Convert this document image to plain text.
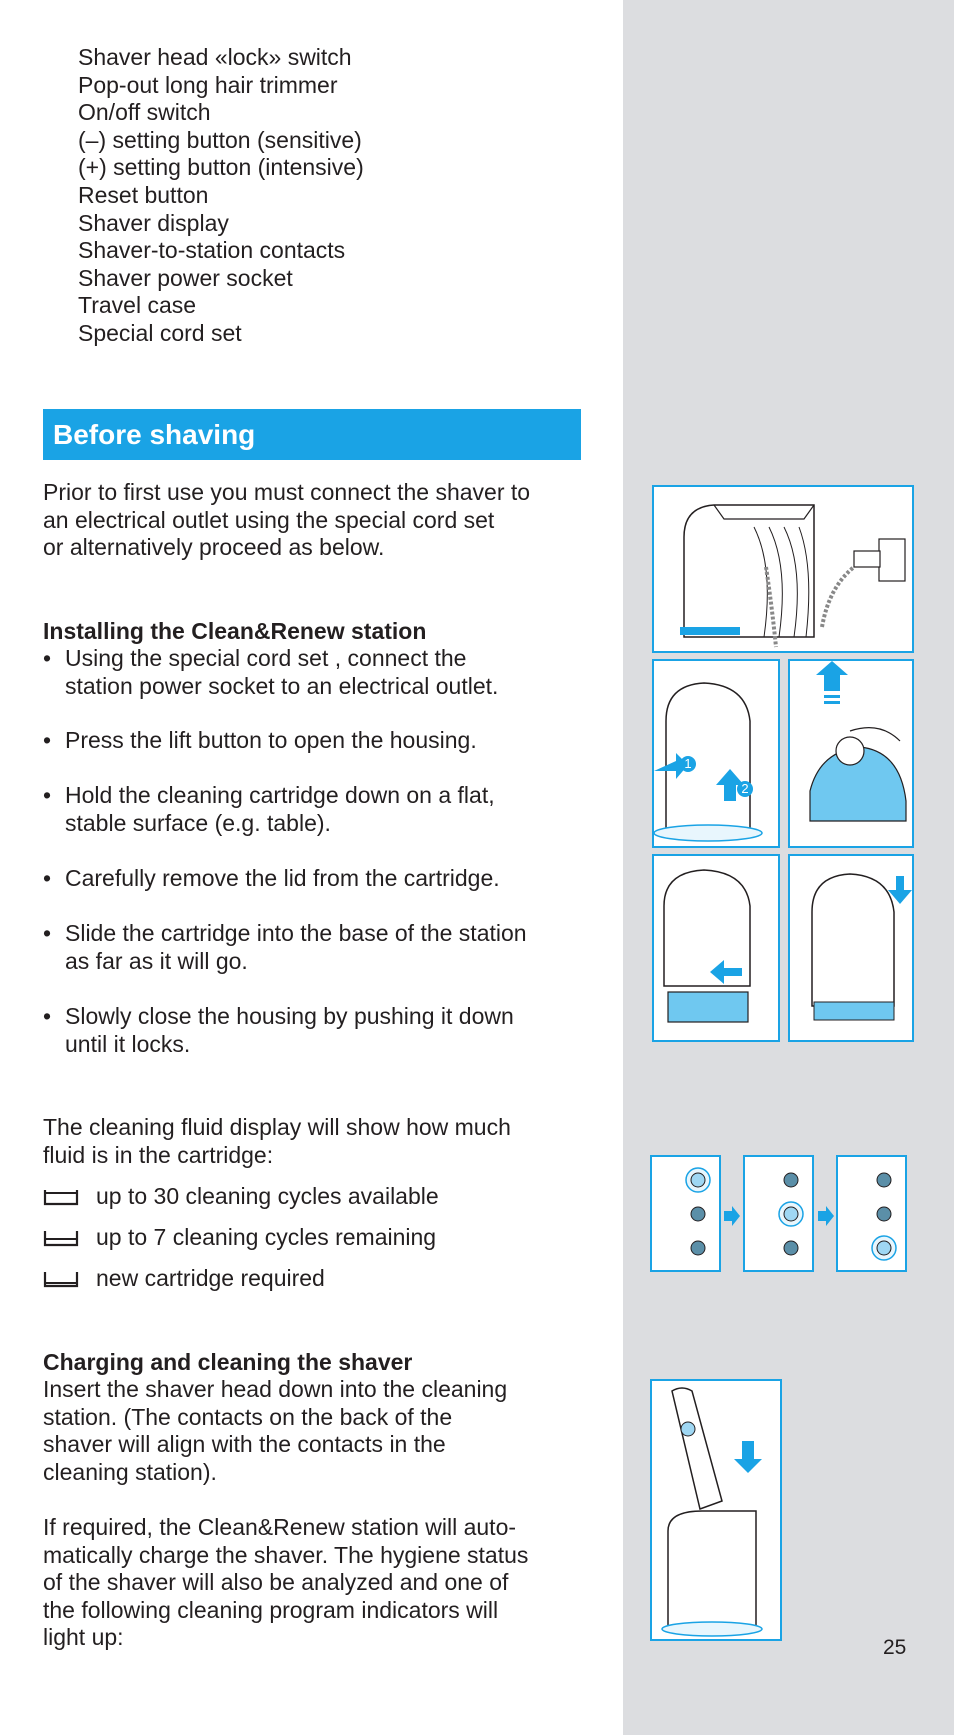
Shaver head «lock» switch
Pop-out long hair trimmer
On/off switch
(–) setting button (sensitive)
(+) setting button (intensive)
Reset button
Shaver display
Shaver-to-station contacts
Shaver power socket
Travel case
Special cord set
Before shaving
Prior to first use you must connect the shaver to
an electrical outlet using the special cord set
or alternatively proceed as below.
Installing the Clean&Renew station
• Using the special cord set , connect the
station power socket to an electrical outlet.
• Press the lift button to open the housing.
• Hold the cleaning cartridge down on a flat,
stable surface (e.g. table).
• Carefully remove the lid from the cartridge.
• Slide the cartridge into the base of the station
as far as it will go.
• Slowly close the housing by pushing it down
until it locks.
The cleaning fluid display will show how much
fluid is in the cartridge:
up to 30 cleaning cycles available
up to 7 cleaning cycles remaining
new cartridge required
Charging and cleaning the shaver
Insert the shaver head down into the cleaning
station. (The contacts on the back of the
shaver will align with the contacts in the
cleaning station).
If required, the Clean&Renew station will auto-
matically charge the shaver. The hygiene status
of the shaver will also be analyzed and one of
the following cleaning program indicators will
light up:
1
2
25
